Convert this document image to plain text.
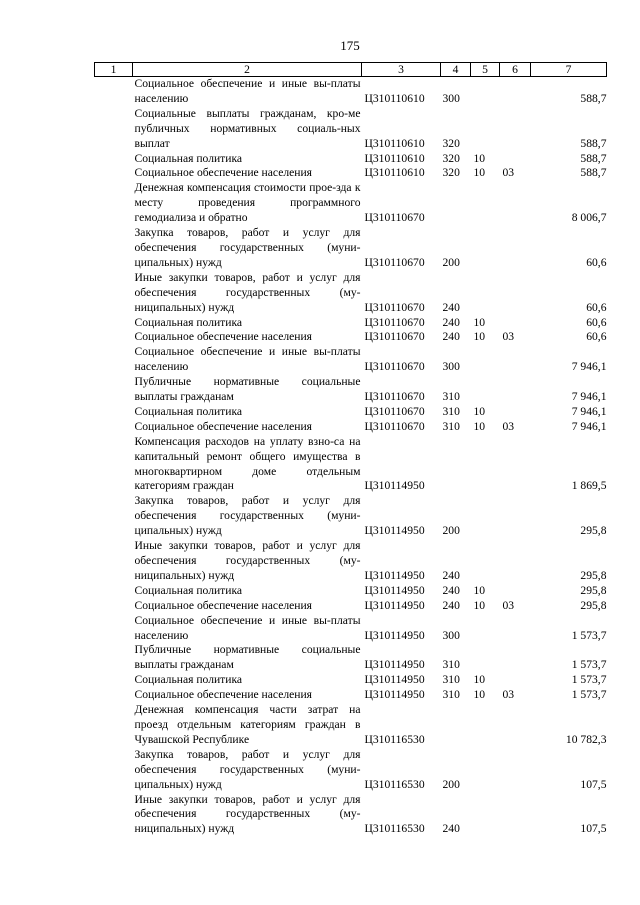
175
1	2	3	4	5	6	7
	Социальное обеспечение и иные вы-платы населению	Ц310110610	300			588,7
	Социальные выплаты гражданам, кро-ме публичных нормативных социаль-ных выплат	Ц310110610	320			588,7
	Социальная политика	Ц310110610	320	10		588,7
	Социальное обеспечение населения	Ц310110610	320	10	03	588,7
	Денежная компенсация стоимости прое-зда к месту проведения программного гемодиализа и обратно	Ц310110670				8 006,7
	Закупка товаров, работ и услуг для обеспечения государственных (муни-ципальных) нужд	Ц310110670	200			60,6
	Иные закупки товаров, работ и услуг для обеспечения государственных (му-ниципальных) нужд	Ц310110670	240			60,6
	Социальная политика	Ц310110670	240	10		60,6
	Социальное обеспечение населения	Ц310110670	240	10	03	60,6
	Социальное обеспечение и иные вы-платы населению	Ц310110670	300			7 946,1
	Публичные нормативные социальные выплаты гражданам	Ц310110670	310			7 946,1
	Социальная политика	Ц310110670	310	10		7 946,1
	Социальное обеспечение населения	Ц310110670	310	10	03	7 946,1
	Компенсация расходов на уплату взно-са на капитальный ремонт общего имущества в многоквартирном доме отдельным категориям граждан	Ц310114950				1 869,5
	Закупка товаров, работ и услуг для обеспечения государственных (муни-ципальных) нужд	Ц310114950	200			295,8
	Иные закупки товаров, работ и услуг для обеспечения государственных (му-ниципальных) нужд	Ц310114950	240			295,8
	Социальная политика	Ц310114950	240	10		295,8
	Социальное обеспечение населения	Ц310114950	240	10	03	295,8
	Социальное обеспечение и иные вы-платы населению	Ц310114950	300			1 573,7
	Публичные нормативные социальные выплаты гражданам	Ц310114950	310			1 573,7
	Социальная политика	Ц310114950	310	10		1 573,7
	Социальное обеспечение населения	Ц310114950	310	10	03	1 573,7
	Денежная компенсация части затрат на проезд отдельным категориям граждан в Чувашской Республике	Ц310116530				10 782,3
	Закупка товаров, работ и услуг для обеспечения государственных (муни-ципальных) нужд	Ц310116530	200			107,5
	Иные закупки товаров, работ и услуг для обеспечения государственных (му-ниципальных) нужд	Ц310116530	240			107,5
